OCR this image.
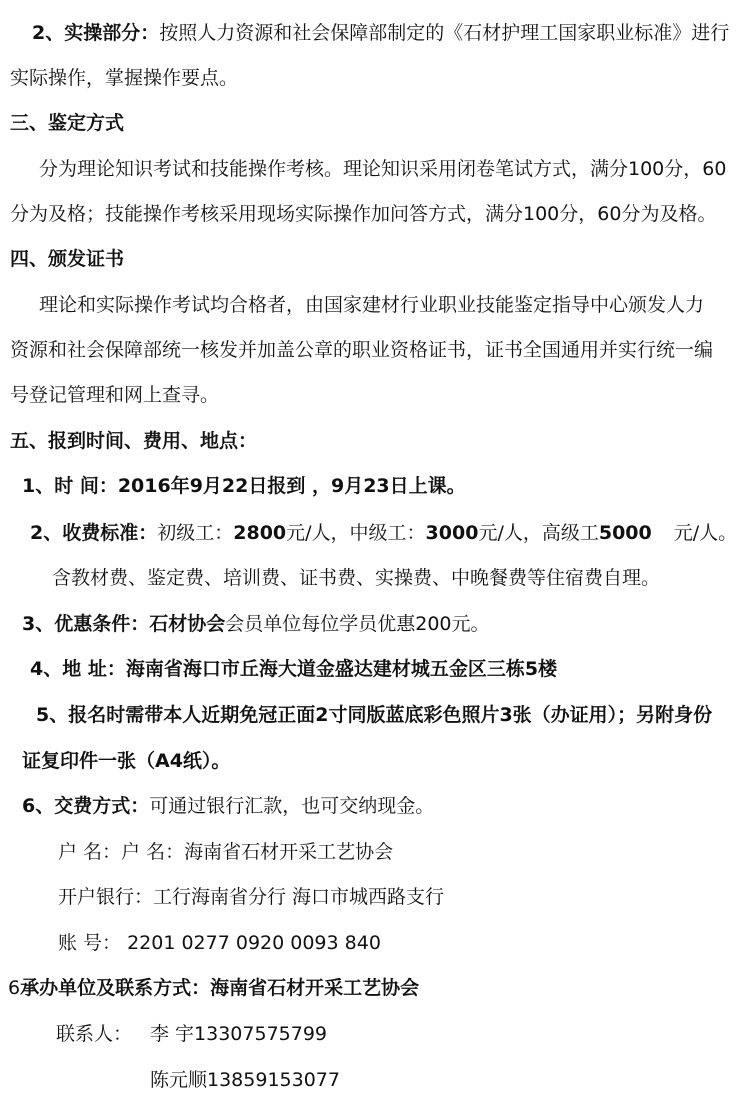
2、实操部分：按照人力资源和社会保障部制定的《石材护理工国家职业标准》进行
实际操作，掌握操作要点。
三、鉴定方式
分为理论知识考试和技能操作考核。理论知识采用闭卷笔试方式，满分100分，60
分为及格；技能操作考核采用现场实际操作加问答方式，满分100分，60分为及格。
四、颁发证书
理论和实际操作考试均合格者，由国家建材行业职业技能鉴定指导中心颁发人力
资源和社会保障部统一核发并加盖公章的职业资格证书，证书全国通用并实行统一编
号登记管理和网上查寻。
五、报到时间、费用、地点：
1、时 间：2016年9月22日报到 ，9月23日上课。
2、收费标准：初级工：2800元/人，中级工：3000元/人，高级工5000 元/人。
含教材费、鉴定费、培训费、证书费、实操费、中晚餐费等住宿费自理。
3、优惠条件：石材协会会员单位每位学员优惠200元。
4、地 址：海南省海口市丘海大道金盛达建材城五金区三栋5楼
5、报名时需带本人近期免冠正面2寸同版蓝底彩色照片3张（办证用）；另附身份
证复印件一张（A4纸）。
6、交费方式：可通过银行汇款，也可交纳现金。
户 名：户 名：海南省石材开采工艺协会
开户银行：工行海南省分行 海口市城西路支行
账 号： 2201 0277 0920 0093 840
6承办单位及联系方式：海南省石材开采工艺协会
联系人： 李 宇13307575799
陈元顺13859153077
